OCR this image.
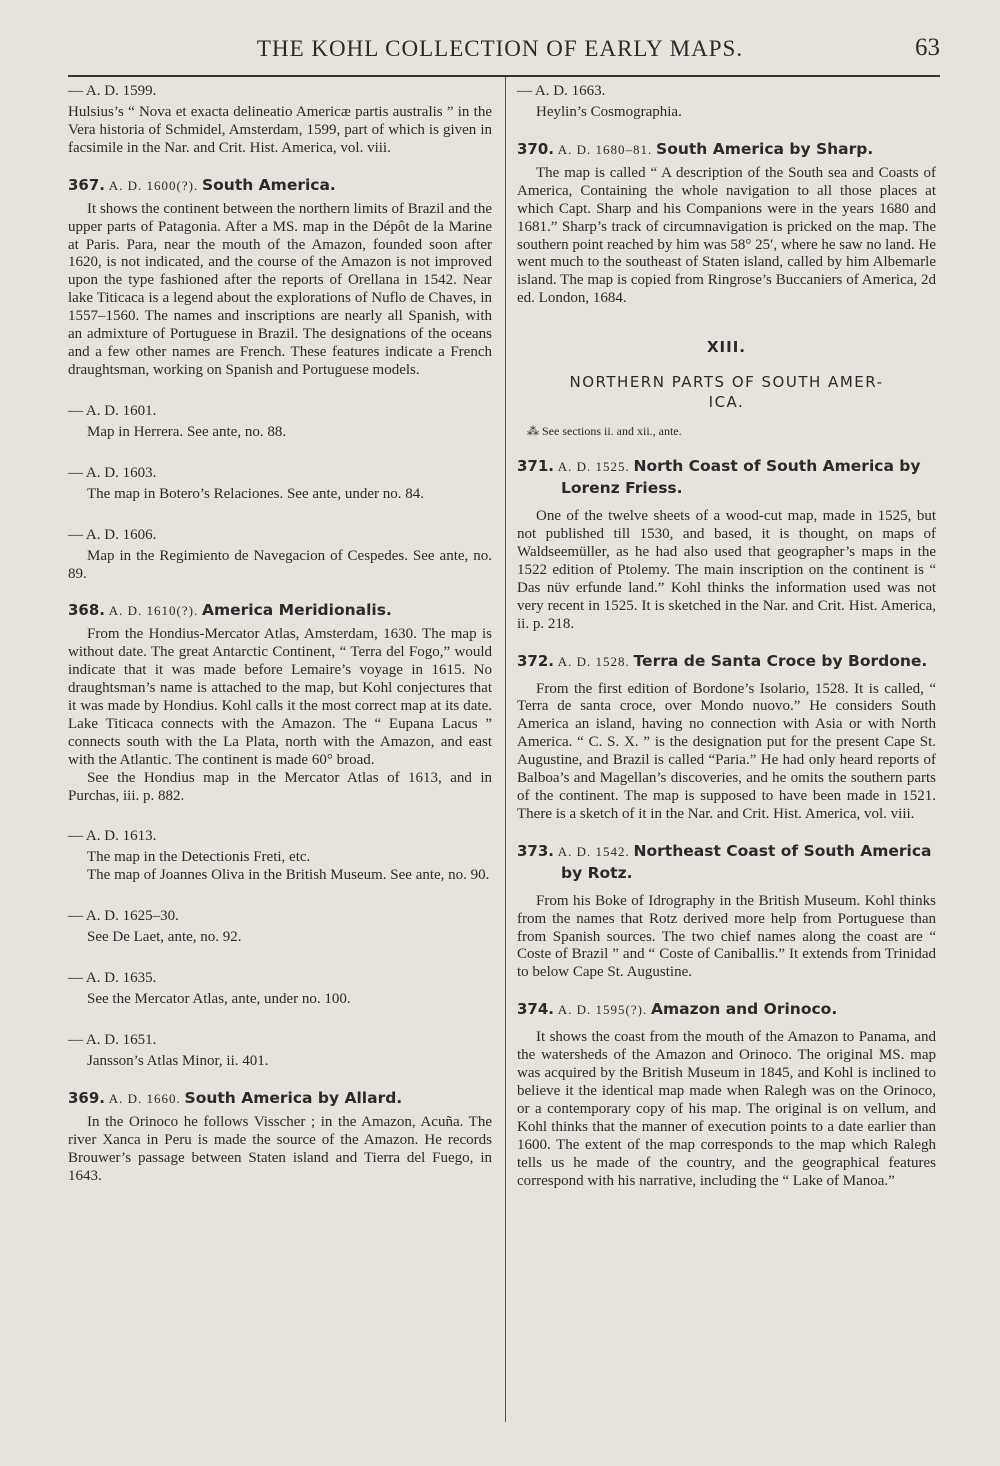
THE KOHL COLLECTION OF EARLY MAPS.	63
— A. D. 1599.

Hulsius’s “ Nova et exacta delineatio Americæ partis australis ” in the Vera historia of Schmidel, Amsterdam, 1599, part of which is given in facsimile in the Nar. and Crit. Hist. America, vol. viii.

367. A. D. 1600(?). South America.

It shows the continent between the northern limits of Brazil and the upper parts of Patagonia. After a MS. map in the Dépôt de la Marine at Paris. Para, near the mouth of the Amazon, founded soon after 1620, is not indicated, and the course of the Amazon is not improved upon the type fashioned after the reports of Orellana in 1542. Near lake Titicaca is a legend about the explorations of Nuflo de Chaves, in 1557–1560. The names and inscriptions are nearly all Spanish, with an admixture of Portuguese in Brazil. The designations of the oceans and a few other names are French. These features indicate a French draughtsman, working on Spanish and Portuguese models.

— A. D. 1601.

Map in Herrera. See ante, no. 88.

— A. D. 1603.

The map in Botero’s Relaciones. See ante, under no. 84.

— A. D. 1606.

Map in the Regimiento de Navegacion of Cespedes. See ante, no. 89.

368. A. D. 1610(?). America Meridionalis.

From the Hondius-Mercator Atlas, Amsterdam, 1630. The map is without date. The great Antarctic Continent, “ Terra del Fogo,” would indicate that it was made before Lemaire’s voyage in 1615. No draughtsman’s name is attached to the map, but Kohl conjectures that it was made by Hondius. Kohl calls it the most correct map at its date. Lake Titicaca connects with the Amazon. The “ Eupana Lacus ” connects south with the La Plata, north with the Amazon, and east with the Atlantic. The continent is made 60° broad.

See the Hondius map in the Mercator Atlas of 1613, and in Purchas, iii. p. 882.

— A. D. 1613.

The map in the Detectionis Freti, etc.

The map of Joannes Oliva in the British Museum. See ante, no. 90.

— A. D. 1625–30.

See De Laet, ante, no. 92.

— A. D. 1635.

See the Mercator Atlas, ante, under no. 100.

— A. D. 1651.

Jansson’s Atlas Minor, ii. 401.

369. A. D. 1660. South America by Allard.

In the Orinoco he follows Visscher ; in the Amazon, Acuña. The river Xanca in Peru is made the source of the Amazon. He records Brouwer’s passage between Staten island and Tierra del Fuego, in 1643.

— A. D. 1663.

Heylin’s Cosmographia.

370. A. D. 1680–81. South America by Sharp.

The map is called “ A description of the South sea and Coasts of America, Containing the whole navigation to all those places at which Capt. Sharp and his Companions were in the years 1680 and 1681.” Sharp’s track of circumnavigation is pricked on the map. The southern point reached by him was 58° 25′, where he saw no land. He went much to the southeast of Staten island, called by him Albemarle island. The map is copied from Ringrose’s Buccaniers of America, 2d ed. London, 1684.

XIII.
NORTHERN PARTS OF SOUTH AMER-
ICA.

⁂ See sections ii. and xii., ante.

371. A. D. 1525. North Coast of South America by Lorenz Friess.

One of the twelve sheets of a wood-cut map, made in 1525, but not published till 1530, and based, it is thought, on maps of Waldseemüller, as he had also used that geographer’s maps in the 1522 edition of Ptolemy. The main inscription on the continent is “ Das nüv erfunde land.” Kohl thinks the information used was not very recent in 1525. It is sketched in the Nar. and Crit. Hist. America, ii. p. 218.

372. A. D. 1528. Terra de Santa Croce by Bordone.

From the first edition of Bordone’s Isolario, 1528. It is called, “ Terra de santa croce, over Mondo nuovo.” He considers South America an island, having no connection with Asia or with North America. “ C. S. X. ” is the designation put for the present Cape St. Augustine, and Brazil is called “Paria.” He had only heard reports of Balboa’s and Magellan’s discoveries, and he omits the southern parts of the continent. The map is supposed to have been made in 1521. There is a sketch of it in the Nar. and Crit. Hist. America, vol. viii.

373. A. D. 1542. Northeast Coast of South America by Rotz.

From his Boke of Idrography in the British Museum. Kohl thinks from the names that Rotz derived more help from Portuguese than from Spanish sources. The two chief names along the coast are “ Coste of Brazil ” and “ Coste of Caniballis.” It extends from Trinidad to below Cape St. Augustine.

374. A. D. 1595(?). Amazon and Orinoco.

It shows the coast from the mouth of the Amazon to Panama, and the watersheds of the Amazon and Orinoco. The original MS. map was acquired by the British Museum in 1845, and Kohl is inclined to believe it the identical map made when Ralegh was on the Orinoco, or a contemporary copy of his map. The original is on vellum, and Kohl thinks that the manner of execution points to a date earlier than 1600. The extent of the map corresponds to the map which Ralegh tells us he made of the country, and the geographical features correspond with his narrative, including the “ Lake of Manoa.”
